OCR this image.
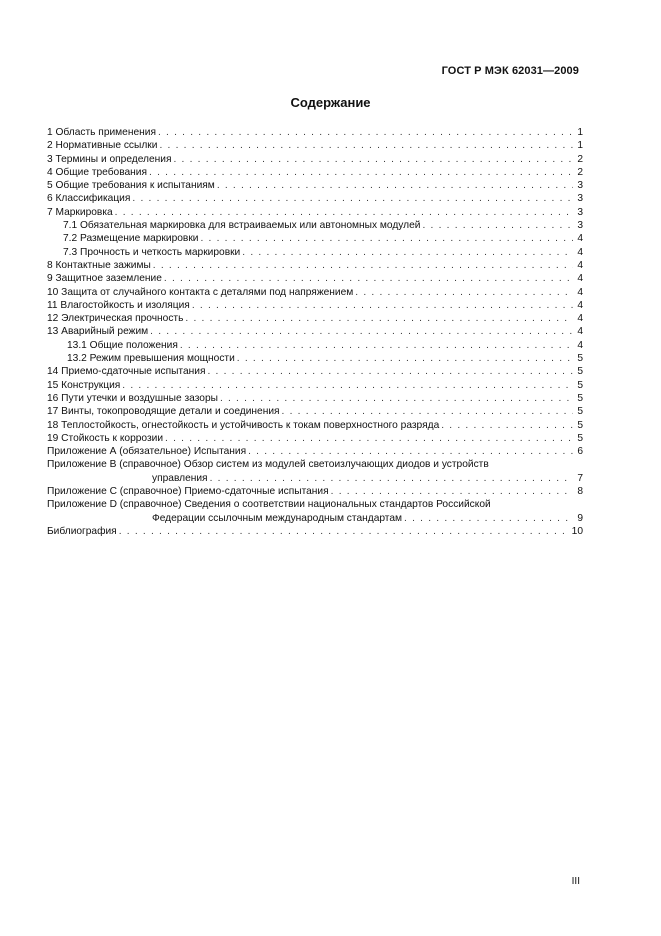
ГОСТ Р МЭК 62031—2009
Содержание
1 Область применения . . .	1
2 Нормативные ссылки . . .	1
3 Термины и определения . . .	2
4 Общие требования . . .	2
5 Общие требования к испытаниям . . .	3
6 Классификация . . .	3
7 Маркировка . . .	3
7.1 Обязательная маркировка для встраиваемых или автономных модулей . . .	3
7.2 Размещение маркировки . . .	4
7.3 Прочность и четкость маркировки . . .	4
8 Контактные зажимы . . .	4
9 Защитное заземление . . .	4
10 Защита от случайного контакта с деталями под напряжением . . .	4
11 Влагостойкость и изоляция . . .	4
12 Электрическая прочность . . .	4
13 Аварийный режим . . .	4
13.1 Общие положения . . .	4
13.2 Режим превышения мощности . . .	5
14 Приемо-сдаточные испытания . . .	5
15 Конструкция . . .	5
16 Пути утечки и воздушные зазоры . . .	5
17 Винты, токопроводящие детали и соединения . . .	5
18 Теплостойкость, огнестойкость и устойчивость к токам поверхностного разряда . . .	5
19 Стойкость к коррозии . . .	5
Приложение А (обязательное) Испытания . . .	6
Приложение В (справочное) Обзор систем из модулей светоизлучающих диодов и устройств
управления . . .	7
Приложение С (справочное) Приемо-сдаточные испытания . . .	8
Приложение D (справочное) Сведения о соответствии национальных стандартов Российской
Федерации ссылочным международным стандартам . . .	9
Библиография . . .	10
III
